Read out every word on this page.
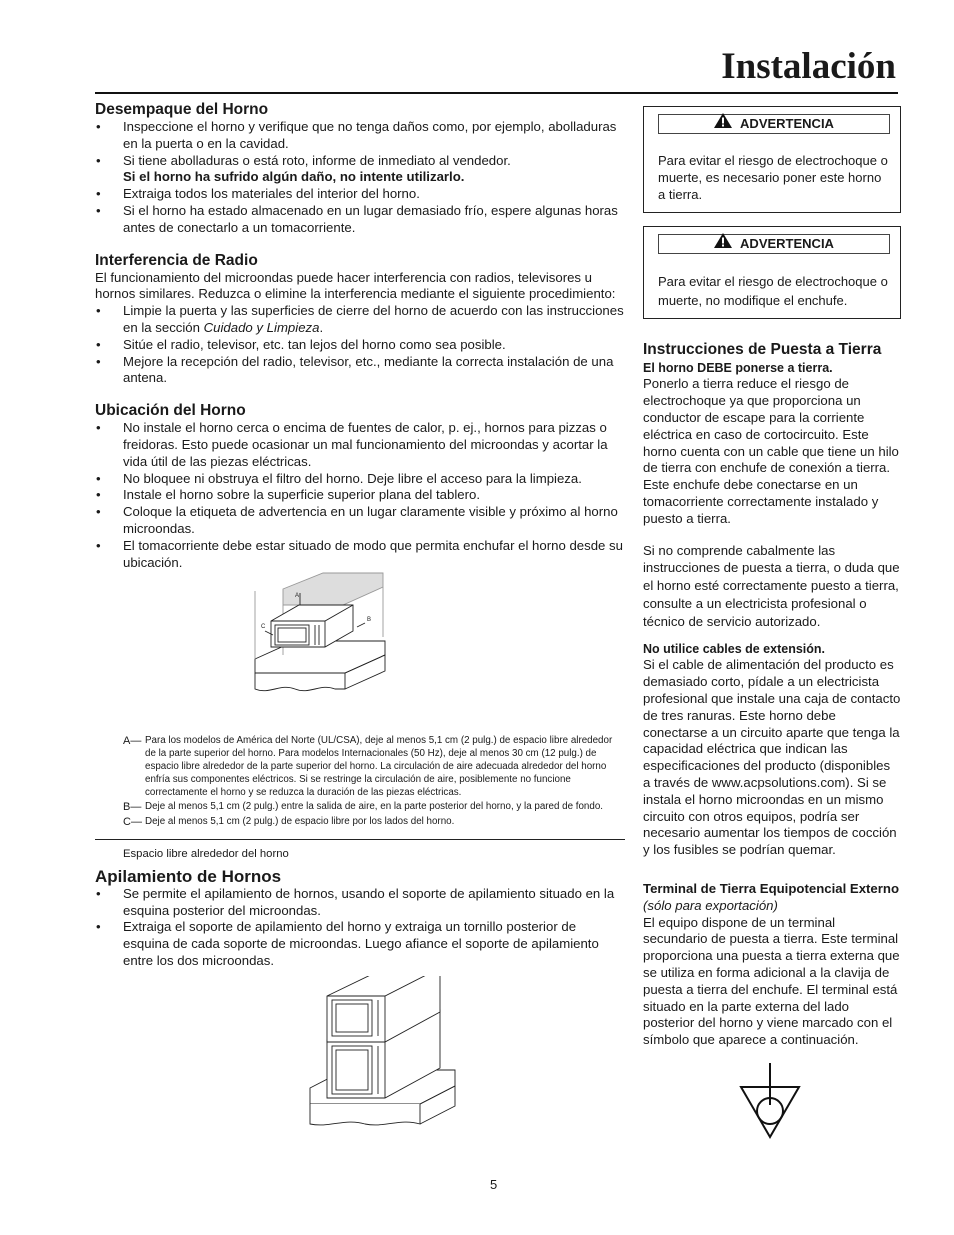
Instalación
Desempaque del Horno
• Inspeccione el horno y verifique que no tenga daños como, por ejemplo, abolladuras en la puerta o en la cavidad.
• Si tiene abolladuras o está roto, informe de inmediato al vendedor.
Si el horno ha sufrido algún daño, no intente utilizarlo.
• Extraiga todos los materiales del interior del horno.
• Si el horno ha estado almacenado en un lugar demasiado frío, espere algunas horas antes de conectarlo a un tomacorriente.
Interferencia de Radio

El funcionamiento del microondas puede hacer interferencia con radios, televisores u hornos similares. Reduzca o elimine la interferencia mediante el siguiente procedimiento:

• Limpie la puerta y las superficies de cierre del horno de acuerdo con las instrucciones en la sección Cuidado y Limpieza.
• Sitúe el radio, televisor, etc. tan lejos del horno como sea posible.
• Mejore la recepción del radio, televisor, etc., mediante la correcta instalación de una antena.
Ubicación del Horno
• No instale el horno cerca o encima de fuentes de calor, p. ej., hornos para pizzas o freidoras. Esto puede ocasionar un mal funcionamiento del microondas y acortar la vida útil de las piezas eléctricas.
• No bloquee ni obstruya el filtro del horno. Deje libre el acceso para la limpieza.
• Instale el horno sobre la superficie superior plana del tablero.
• Coloque la etiqueta de advertencia en un lugar claramente visible y próximo al horno microondas.
• El tomacorriente debe estar situado de modo que permita enchufar el horno desde su ubicación.
A
B
C
A— Para los modelos de América del Norte (UL/CSA), deje al menos 5,1 cm (2 pulg.) de espacio libre alrededor de la parte superior del horno. Para modelos Internacionales (50 Hz), deje al menos 30 cm (12 pulg.) de espacio libre alrededor de la parte superior del horno. La circulación de aire adecuada alrededor del horno enfría sus componentes eléctricos. Si se restringe la circulación de aire, posiblemente no funcione correctamente el horno y se reduzca la duración de las piezas eléctricas.
B— Deje al menos 5,1 cm (2 pulg.) entre la salida de aire, en la parte posterior del horno, y la pared de fondo.
C— Deje al menos 5,1 cm (2 pulg.) de espacio libre por los lados del horno.
Espacio libre alrededor del horno
Apilamiento de Hornos
• Se permite el apilamiento de hornos, usando el soporte de apilamiento situado en la esquina posterior del microondas.
• Extraiga el soporte de apilamiento del horno y extraiga un tornillo posterior de esquina de cada soporte de microondas. Luego afiance el soporte de apilamiento entre los dos microondas.
5
ADVERTENCIA

Para evitar el riesgo de electrochoque o muerte, es necesario poner este horno a tierra.

ADVERTENCIA

Para evitar el riesgo de electrochoque o muerte, no modifique el enchufe.

Instrucciones de Puesta a Tierra

El horno DEBE ponerse a tierra.

Ponerlo a tierra reduce el riesgo de electrochoque ya que proporciona un conductor de escape para la corriente eléctrica en caso de cortocircuito. Este horno cuenta con un cable que tiene un hilo de tierra con enchufe de conexión a tierra. Este enchufe debe conectarse en un tomacorriente correctamente instalado y puesto a tierra.

Si no comprende cabalmente las instrucciones de puesta a tierra, o duda que el horno esté correctamente puesto a tierra, consulte a un electricista profesional o técnico de servicio autorizado.

No utilice cables de extensión.

Si el cable de alimentación del producto es demasiado corto, pídale a un electricista profesional que instale una caja de contacto de tres ranuras. Este horno debe conectarse a un circuito aparte que tenga la capacidad eléctrica que indican las especificaciones del producto (disponibles a través de www.acpsolutions.com). Si se instala el horno microondas en un mismo circuito con otros equipos, podría ser necesario aumentar los tiempos de cocción y los fusibles se podrían quemar.

Terminal de Tierra Equipotencial Externo (sólo para exportación)

El equipo dispone de un terminal secundario de puesta a tierra. Este terminal proporciona una puesta a tierra externa que se utiliza en forma adicional a la clavija de puesta a tierra del enchufe. El terminal está situado en la parte externa del lado posterior del horno y viene marcado con el símbolo que aparece a continuación.
